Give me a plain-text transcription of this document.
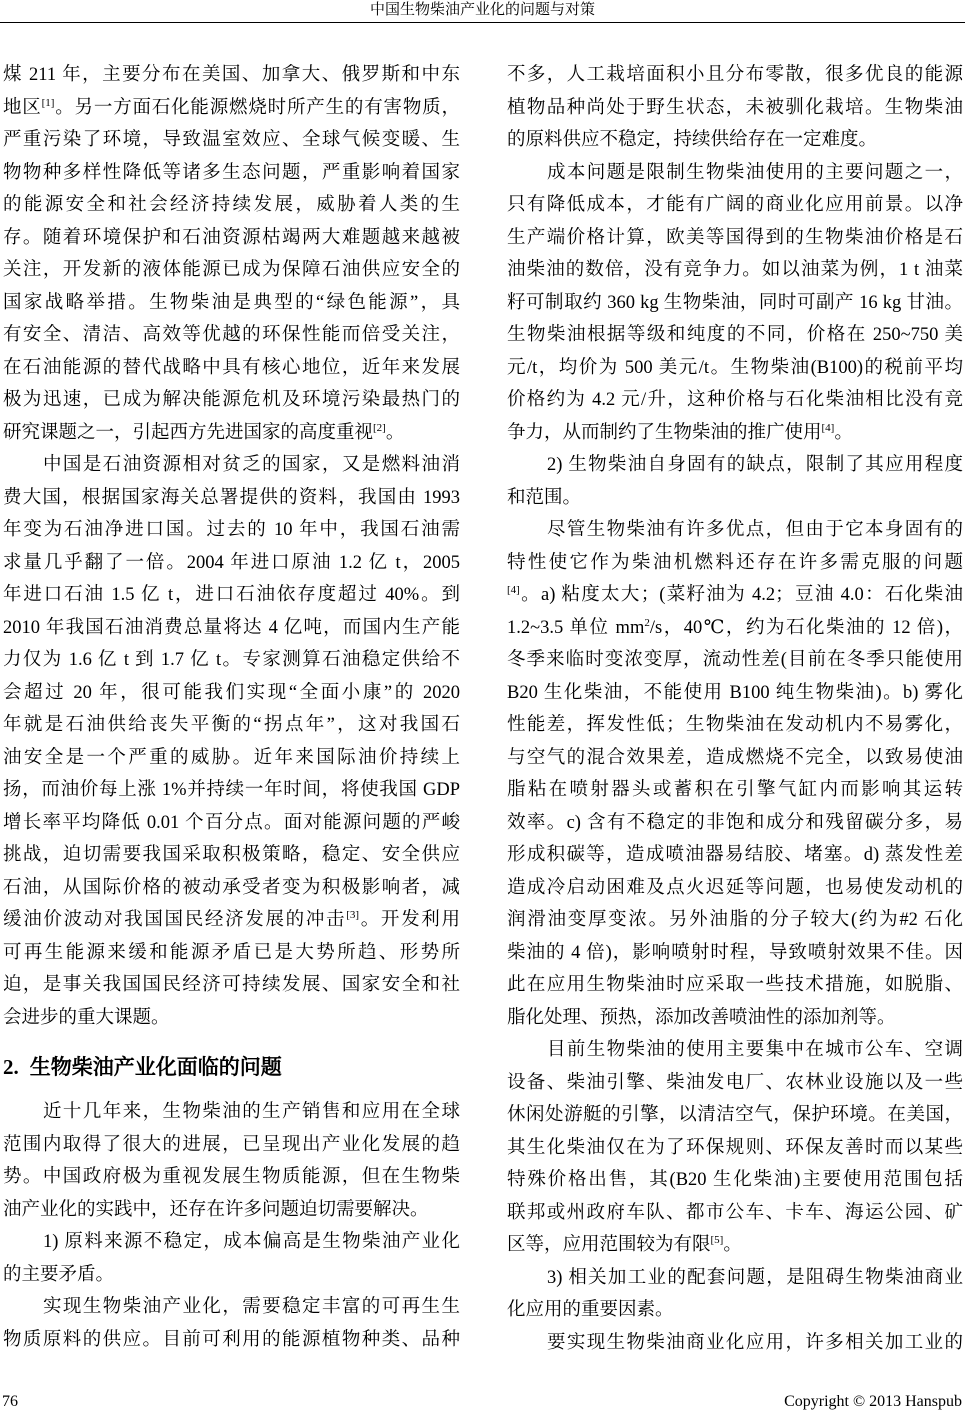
中国生物柴油产业化的问题与对策
煤 211 年，主要分布在美国、加拿大、俄罗斯和中东
地区[1]。另一方面石化能源燃烧时所产生的有害物质，
严重污染了环境，导致温室效应、全球气候变暖、生
物物种多样性降低等诸多生态问题，严重影响着国家
的能源安全和社会经济持续发展，威胁着人类的生
存。随着环境保护和石油资源枯竭两大难题越来越被
关注，开发新的液体能源已成为保障石油供应安全的
国家战略举措。生物柴油是典型的“绿色能源”，具
有安全、清洁、高效等优越的环保性能而倍受关注，
在石油能源的替代战略中具有核心地位，近年来发展
极为迅速，已成为解决能源危机及环境污染最热门的
研究课题之一，引起西方先进国家的高度重视[2]。
中国是石油资源相对贫乏的国家，又是燃料油消
费大国，根据国家海关总署提供的资料，我国由 1993
年变为石油净进口国。过去的 10 年中，我国石油需
求量几乎翻了一倍。2004 年进口原油 1.2 亿 t，2005
年进口石油 1.5 亿 t，进口石油依存度超过 40%。到
2010 年我国石油消费总量将达 4 亿吨，而国内生产能
力仅为 1.6 亿 t 到 1.7 亿 t。专家测算石油稳定供给不
会超过 20 年，很可能我们实现“全面小康”的 2020
年就是石油供给丧失平衡的“拐点年”，这对我国石
油安全是一个严重的威胁。近年来国际油价持续上
扬，而油价每上涨 1%并持续一年时间，将使我国 GDP
增长率平均降低 0.01 个百分点。面对能源问题的严峻
挑战，迫切需要我国采取积极策略，稳定、安全供应
石油，从国际价格的被动承受者变为积极影响者，减
缓油价波动对我国国民经济发展的冲击[3]。开发利用
可再生能源来缓和能源矛盾已是大势所趋、形势所
迫，是事关我国国民经济可持续发展、国家安全和社
会进步的重大课题。
2. 生物柴油产业化面临的问题
近十几年来，生物柴油的生产销售和应用在全球
范围内取得了很大的进展，已呈现出产业化发展的趋
势。中国政府极为重视发展生物质能源，但在生物柴
油产业化的实践中，还存在许多问题迫切需要解决。
1) 原料来源不稳定，成本偏高是生物柴油产业化
的主要矛盾。
实现生物柴油产业化，需要稳定丰富的可再生生
物质原料的供应。目前可利用的能源植物种类、品种
不多，人工栽培面积小且分布零散，很多优良的能源
植物品种尚处于野生状态，未被驯化栽培。生物柴油
的原料供应不稳定，持续供给存在一定难度。
成本问题是限制生物柴油使用的主要问题之一，
只有降低成本，才能有广阔的商业化应用前景。以净
生产端价格计算，欧美等国得到的生物柴油价格是石
油柴油的数倍，没有竞争力。如以油菜为例，1 t 油菜
籽可制取约 360 kg 生物柴油，同时可副产 16 kg 甘油。
生物柴油根据等级和纯度的不同，价格在 250~750 美
元/t，均价为 500 美元/t。生物柴油(B100)的税前平均
价格约为 4.2 元/升，这种价格与石化柴油相比没有竞
争力，从而制约了生物柴油的推广使用[4]。
2) 生物柴油自身固有的缺点，限制了其应用程度
和范围。
尽管生物柴油有许多优点，但由于它本身固有的
特性使它作为柴油机燃料还存在许多需克服的问题
[4]。a) 粘度太大；(菜籽油为 4.2；豆油 4.0：石化柴油
1.2~3.5 单位 $mm^2/s$，40℃，约为石化柴油的 12 倍)，
冬季来临时变浓变厚，流动性差(目前在冬季只能使用
B20 生化柴油，不能使用 B100 纯生物柴油)。b) 雾化
性能差，挥发性低；生物柴油在发动机内不易雾化，
与空气的混合效果差，造成燃烧不完全，以致易使油
脂粘在喷射器头或蓄积在引擎气缸内而影响其运转
效率。c) 含有不稳定的非饱和成分和残留碳分多，易
形成积碳等，造成喷油器易结胶、堵塞。d) 蒸发性差
造成冷启动困难及点火迟延等问题，也易使发动机的
润滑油变厚变浓。另外油脂的分子较大(约为#2 石化
柴油的 4 倍)，影响喷射时程，导致喷射效果不佳。因
此在应用生物柴油时应采取一些技术措施，如脱脂、
脂化处理、预热，添加改善喷油性的添加剂等。
目前生物柴油的使用主要集中在城市公车、空调
设备、柴油引擎、柴油发电厂、农林业设施以及一些
休闲处游艇的引擎，以清洁空气，保护环境。在美国，
其生化柴油仅在为了环保规则、环保友善时而以某些
特殊价格出售，其(B20 生化柴油)主要使用范围包括
联邦或州政府车队、都市公车、卡车、海运公园、矿
区等，应用范围较为有限[5]。
3) 相关加工业的配套问题，是阻碍生物柴油商业
化应用的重要因素。
要实现生物柴油商业化应用，许多相关加工业的
76	Copyright © 2013 Hanspub
